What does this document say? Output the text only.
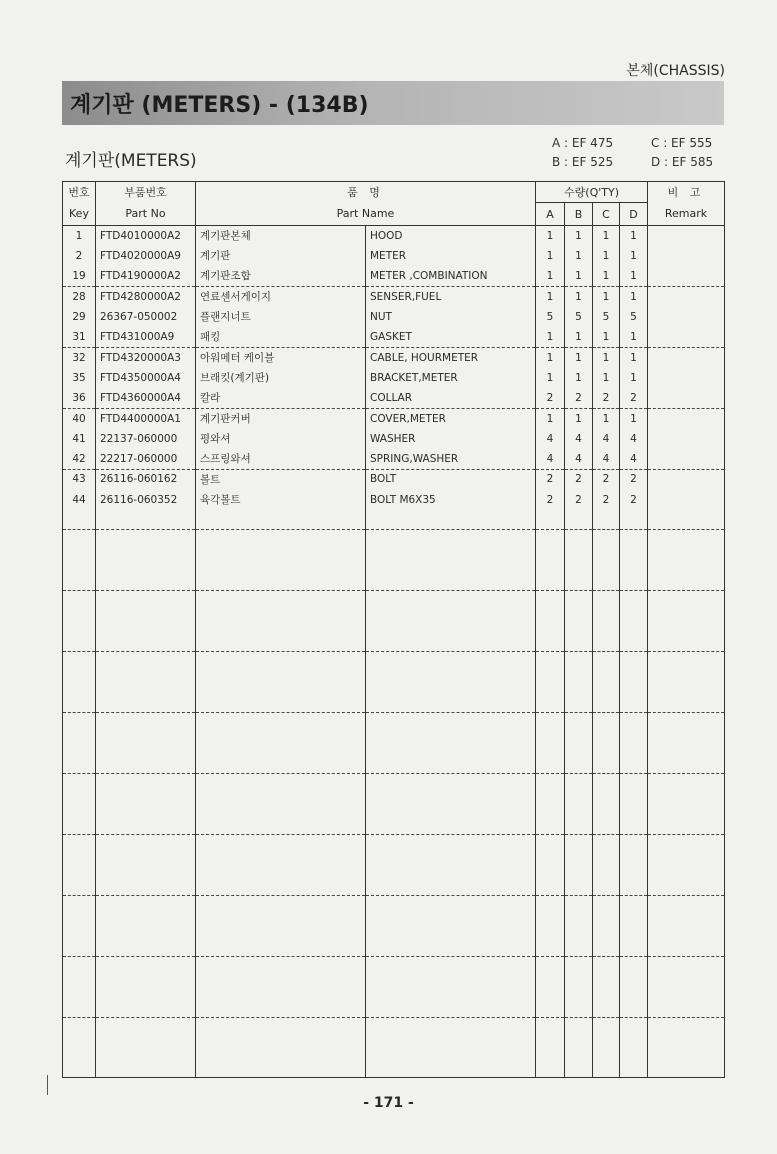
본체(CHASSIS)
계기판 (METERS) - (134B)
계기판(METERS)
A : EF 475
B : EF 525
C : EF 555
D : EF 585
번호	부품번호	품 명		수량(Q'TY)				비 고
Key	Part No	Part Name		A	B	C	D	Remark
1	FTD4010000A2	계기판본체	HOOD	1	1	1	1	
2	FTD4020000A9	계기판	METER	1	1	1	1	
19	FTD4190000A2	계기판조합	METER ,COMBINATION	1	1	1	1	
28	FTD4280000A2	연료센서게이지	SENSER,FUEL	1	1	1	1	
29	26367-050002	플랜지너트	NUT	5	5	5	5	
31	FTD431000A9	패킹	GASKET	1	1	1	1	
32	FTD4320000A3	아워메터 케이블	CABLE, HOURMETER	1	1	1	1	
35	FTD4350000A4	브래킷(계기판)	BRACKET,METER	1	1	1	1	
36	FTD4360000A4	칼라	COLLAR	2	2	2	2	
40	FTD4400000A1	계기판커버	COVER,METER	1	1	1	1	
41	22137-060000	평와셔	WASHER	4	4	4	4	
42	22217-060000	스프링와셔	SPRING,WASHER	4	4	4	4	
43	26116-060162	볼트	BOLT	2	2	2	2	
44	26116-060352	육각볼트	BOLT M6X35	2	2	2	2	

- 171 -
